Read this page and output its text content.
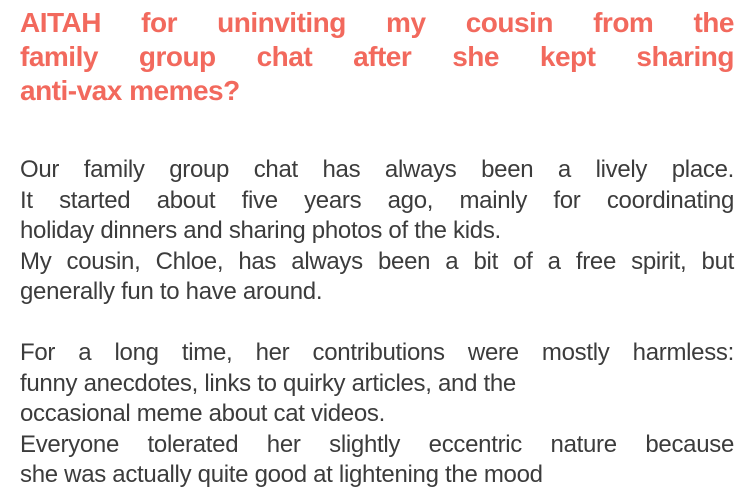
AITAH for uninviting my cousin from the
family group chat after she kept sharing
anti-vax memes?
Our family group chat has always been a lively place.
It started about five years ago, mainly for coordinating
holiday dinners and sharing photos of the kids.
My cousin, Chloe, has always been a bit of a free spirit, but
generally fun to have around.
For a long time, her contributions were mostly harmless:
funny anecdotes, links to quirky articles, and the
occasional meme about cat videos.
Everyone tolerated her slightly eccentric nature because
she was actually quite good at lightening the mood
